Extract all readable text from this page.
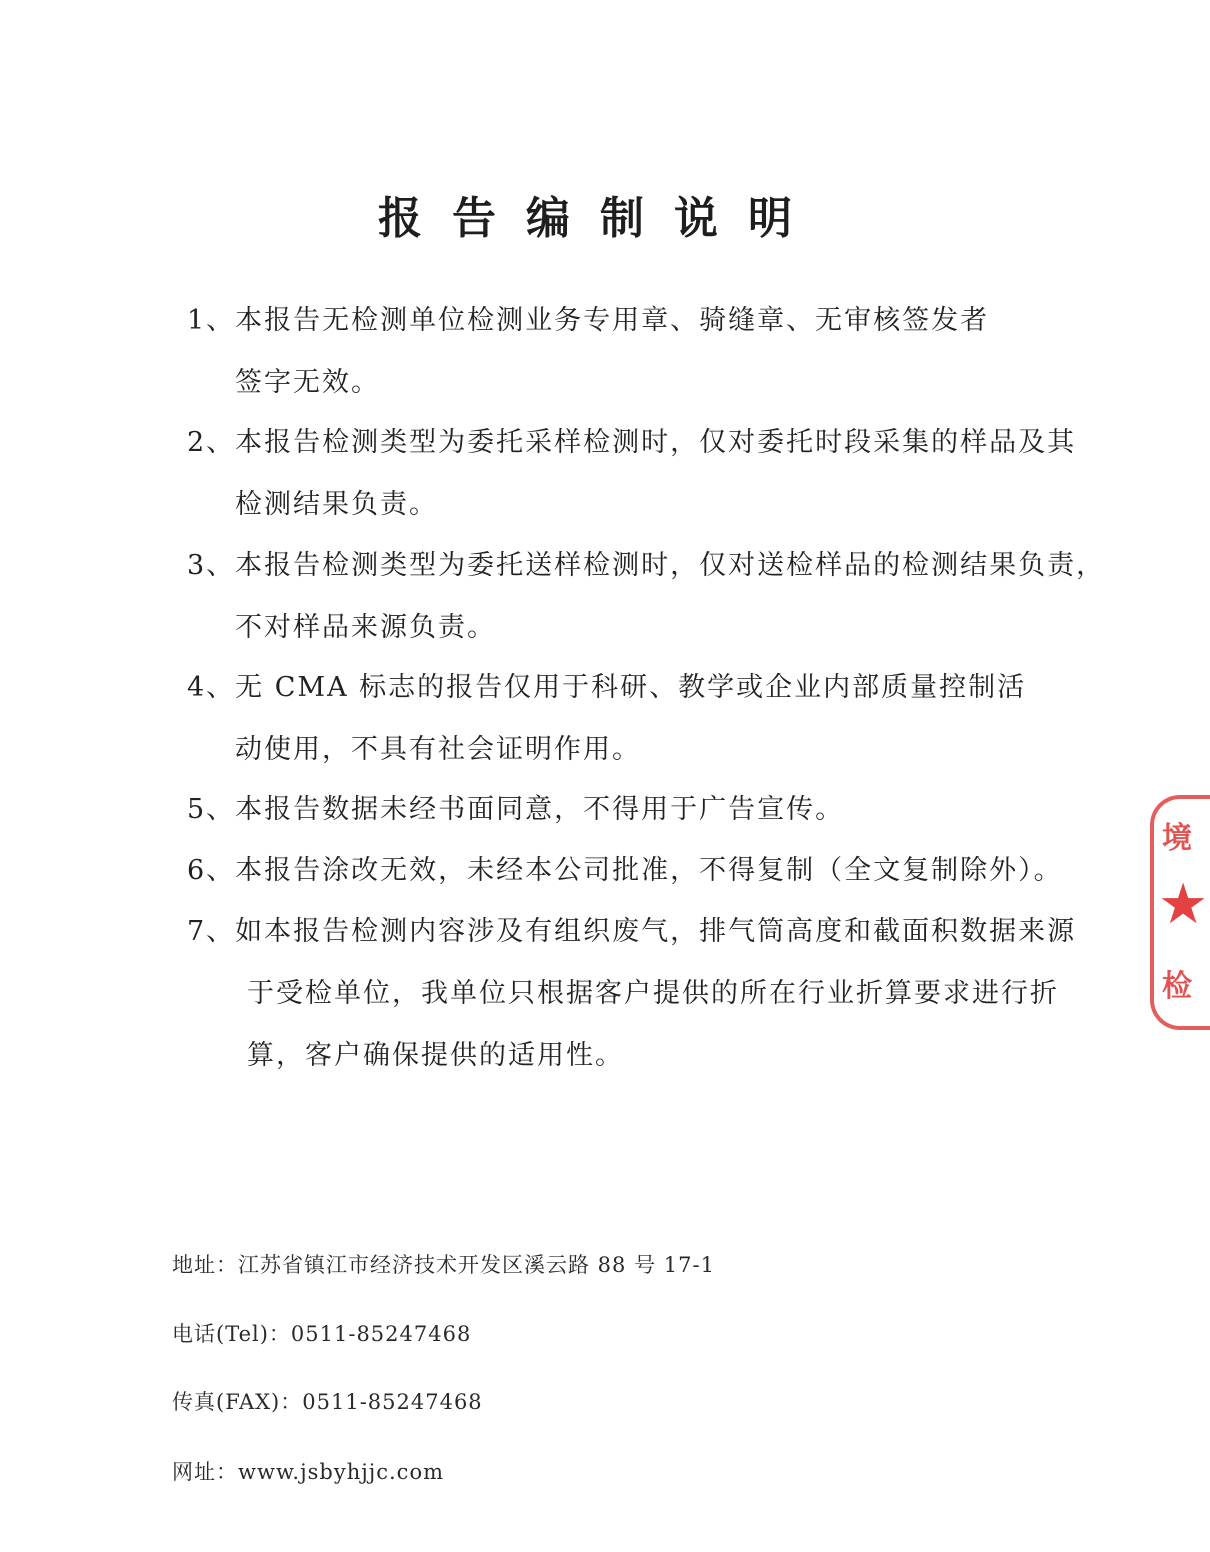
报告编制说明
1、本报告无检测单位检测业务专用章、骑缝章、无审核签发者
签字无效。
2、本报告检测类型为委托采样检测时，仅对委托时段采集的样品及其
检测结果负责。
3、本报告检测类型为委托送样检测时，仅对送检样品的检测结果负责，
不对样品来源负责。
4、无 CMA 标志的报告仅用于科研、教学或企业内部质量控制活
动使用，不具有社会证明作用。
5、本报告数据未经书面同意，不得用于广告宣传。
6、本报告涂改无效，未经本公司批准，不得复制（全文复制除外）。
7、如本报告检测内容涉及有组织废气，排气筒高度和截面积数据来源
于受检单位，我单位只根据客户提供的所在行业折算要求进行折
算，客户确保提供的适用性。
地址：江苏省镇江市经济技术开发区溪云路 88 号 17-1
电话(Tel)：0511-85247468
传真(FAX)：0511-85247468
网址：www.jsbyhjjc.com
境
★
检
